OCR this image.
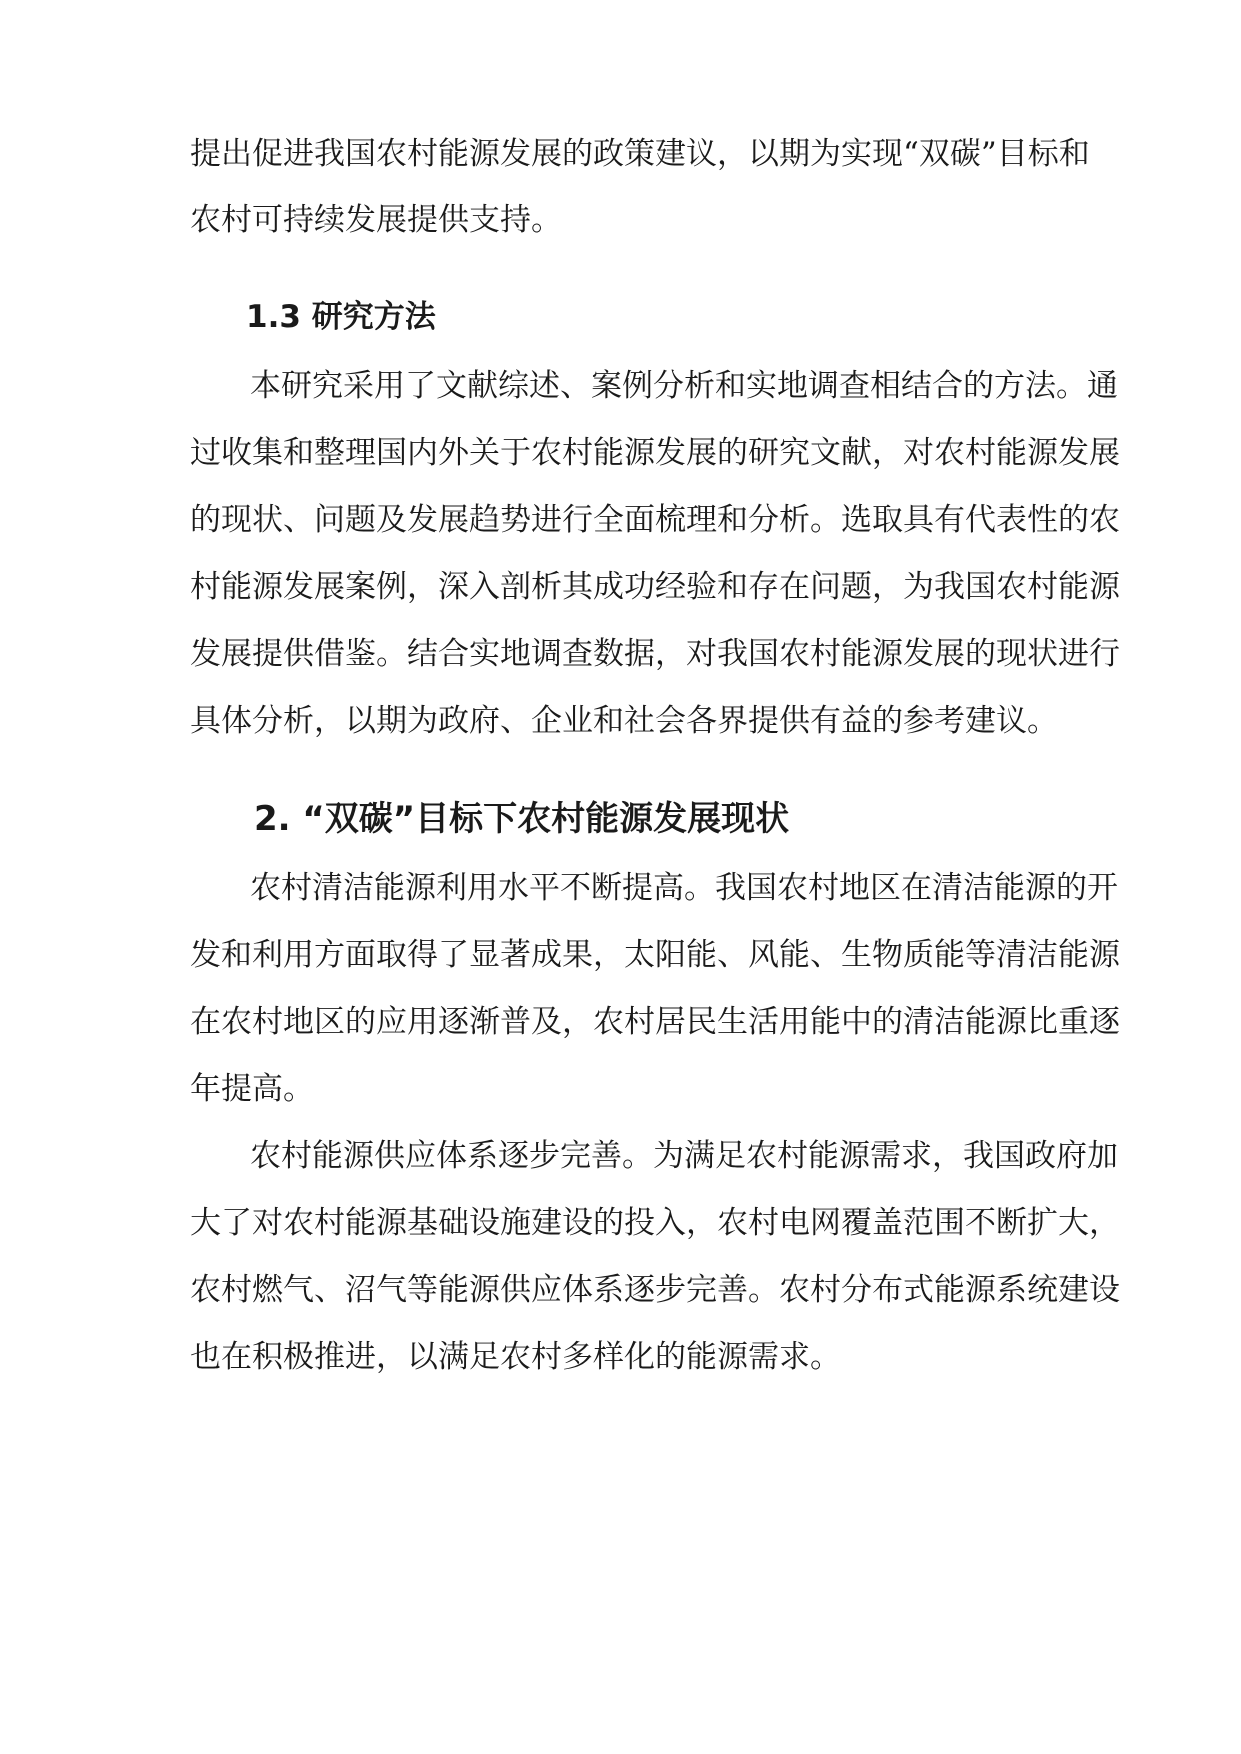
提出促进我国农村能源发展的政策建议，以期为实现“双碳”目标和
农村可持续发展提供支持。
1.3 研究方法
本研究采用了文献综述、案例分析和实地调查相结合的方法。通
过收集和整理国内外关于农村能源发展的研究文献，对农村能源发展
的现状、问题及发展趋势进行全面梳理和分析。选取具有代表性的农
村能源发展案例，深入剖析其成功经验和存在问题，为我国农村能源
发展提供借鉴。结合实地调查数据，对我国农村能源发展的现状进行
具体分析，以期为政府、企业和社会各界提供有益的参考建议。
2. “双碳”目标下农村能源发展现状
农村清洁能源利用水平不断提高。我国农村地区在清洁能源的开
发和利用方面取得了显著成果，太阳能、风能、生物质能等清洁能源
在农村地区的应用逐渐普及，农村居民生活用能中的清洁能源比重逐
年提高。
农村能源供应体系逐步完善。为满足农村能源需求，我国政府加
大了对农村能源基础设施建设的投入，农村电网覆盖范围不断扩大，
农村燃气、沼气等能源供应体系逐步完善。农村分布式能源系统建设
也在积极推进，以满足农村多样化的能源需求。
